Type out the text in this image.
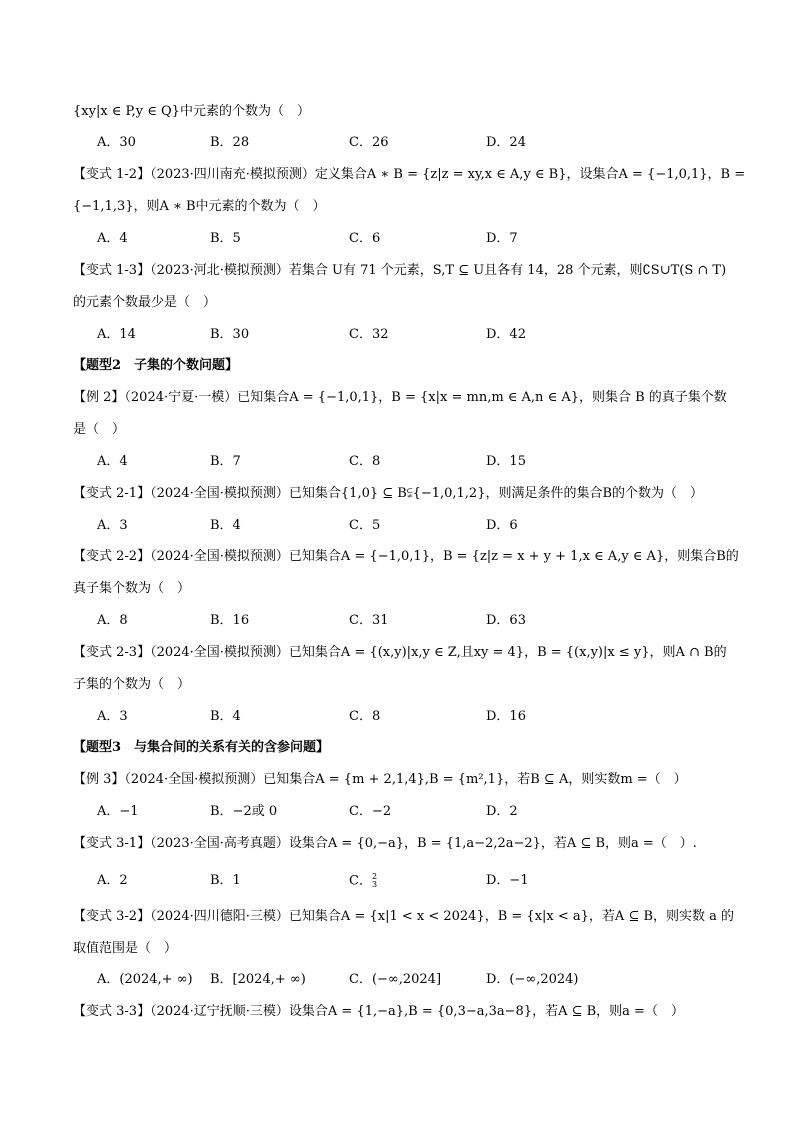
{xy|x ∈ P,y ∈ Q}中元素的个数为（　）
A．30	B．28	C．26	D．24
【变式 1-2】（2023·四川南充·模拟预测）定义集合A ∗ B = {z|z = xy,x ∈ A,y ∈ B}，设集合A = {−1,0,1}，B =
{−1,1,3}，则A ∗ B中元素的个数为（　）
A．4	B．5	C．6	D．7
【变式 1-3】（2023·河北·模拟预测）若集合 U有 71 个元素，S,T ⊆ U且各有 14，28 个元素，则∁S∪T(S ∩ T)
的元素个数最少是（　）
A．14	B．30	C．32	D．42
【题型2　子集的个数问题】
【例 2】（2024·宁夏·一模）已知集合A = {−1,0,1}，B = {x|x = mn,m ∈ A,n ∈ A}，则集合 B 的真子集个数
是（　）
A．4	B．7	C．8	D．15
【变式 2-1】（2024·全国·模拟预测）已知集合{1,0} ⊆ B⫋{−1,0,1,2}，则满足条件的集合B的个数为（　）
A．3	B．4	C．5	D．6
【变式 2-2】（2024·全国·模拟预测）已知集合A = {−1,0,1}，B = {z|z = x + y + 1,x ∈ A,y ∈ A}，则集合B的
真子集个数为（　）
A．8	B．16	C．31	D．63
【变式 2-3】（2024·全国·模拟预测）已知集合A = {(x,y)|x,y ∈ Z,且xy = 4}，B = {(x,y)|x ≤ y}，则A ∩ B的
子集的个数为（　）
A．3	B．4	C．8	D．16
【题型3　与集合间的关系有关的含参问题】
【例 3】（2024·全国·模拟预测）已知集合A = {m + 2,1,4},B = {m²,1}，若B ⊆ A，则实数m =（　）
A．−1	B．−2或 0	C．−2	D．2
【变式 3-1】（2023·全国·高考真题）设集合A = {0,−a}，B = {1,a−2,2a−2}，若A ⊆ B，则a =（　）.
A．2	B．1	C．2
3	D．−1
【变式 3-2】（2024·四川德阳·三模）已知集合A = {x|1 < x < 2024}，B = {x|x < a}，若A ⊆ B，则实数 a 的
取值范围是（　）
A．(2024,+ ∞) B．[2024,+ ∞)	C．(−∞,2024]	D．(−∞,2024)
【变式 3-3】（2024·辽宁抚顺·三模）设集合A = {1,−a},B = {0,3−a,3a−8}，若A ⊆ B，则a =（　）
